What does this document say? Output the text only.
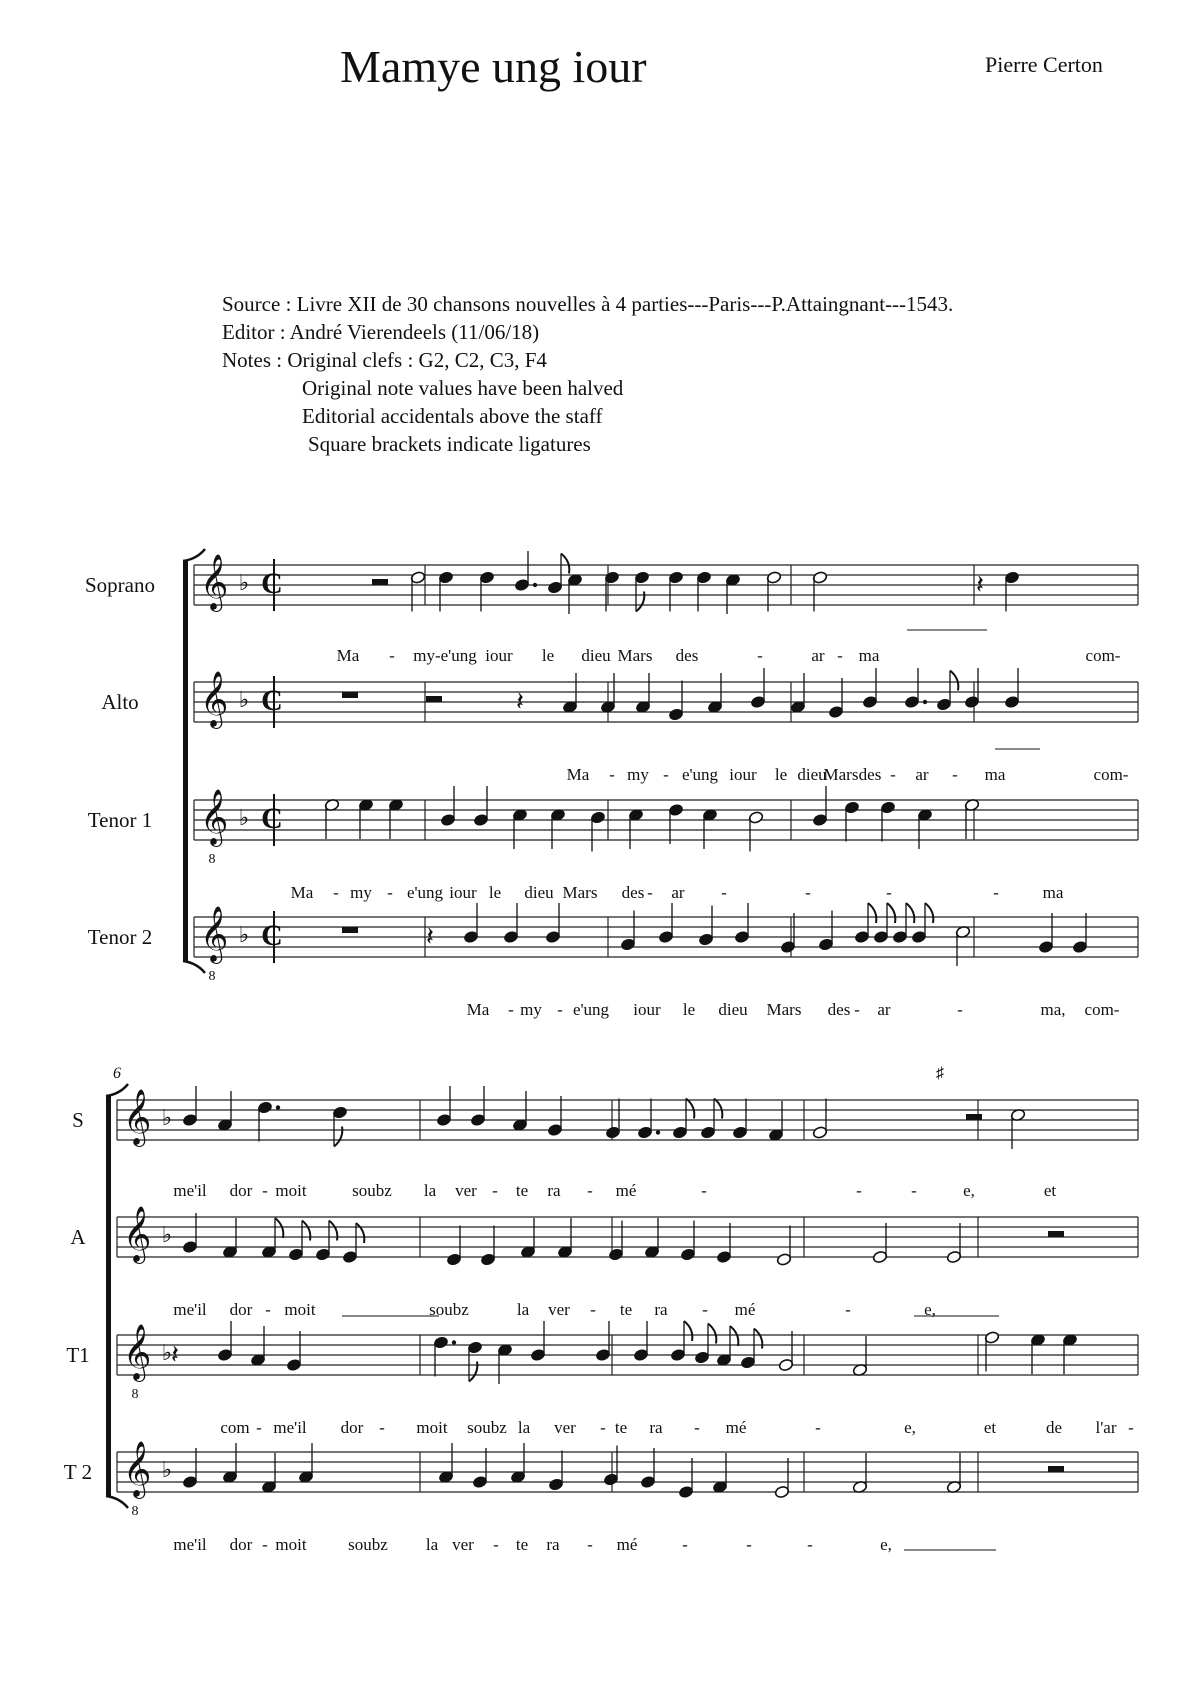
Mamye ung iour	Pierre Certon
Source : Livre XII de 30 chansons nouvelles à 4 parties---Paris---P.Attaingnant---1543.
Editor : André Vierendeels (11/06/18)
Notes : Original clefs : G2, C2, C3, F4
Original note values have been halved
Editorial accidentals above the staff
Square brackets indicate ligatures
Soprano 𝄞 ♭ C	𝄽
Ma - my-e'ung iour le dieu Mars des	-	ar - ma	com-
Alto 𝄞 ♭ C	𝄽
Ma - my - e'ung iour le dieu
Mars des - ar - ma	com-
Tenor 1 𝄞
8
♭ C
Ma - my - e'ung iour le dieu Mars des - ar -	-	-	-	ma
Tenor 2 𝄞
8
♭ C	𝄽
Ma - my - e'ung iour le dieu Mars des - ar	-	ma, com-
6
S 𝄞 ♭
me'il dor - moit	soubz la ver - te ra - mé	-	-	-	e,	et
A 𝄞 ♭
me'il dor - moit	soubz	la ver - te ra - mé	-	e,
T1 𝄞
8
♭
𝄽
com - me'il dor - moit soubz la ver - te ra - mé	-	e,	et	de l'ar -
T 2 𝄞
8
♭
me'il dor - moit soubz la ver - te ra - mé	-	-	-	e,
♯
